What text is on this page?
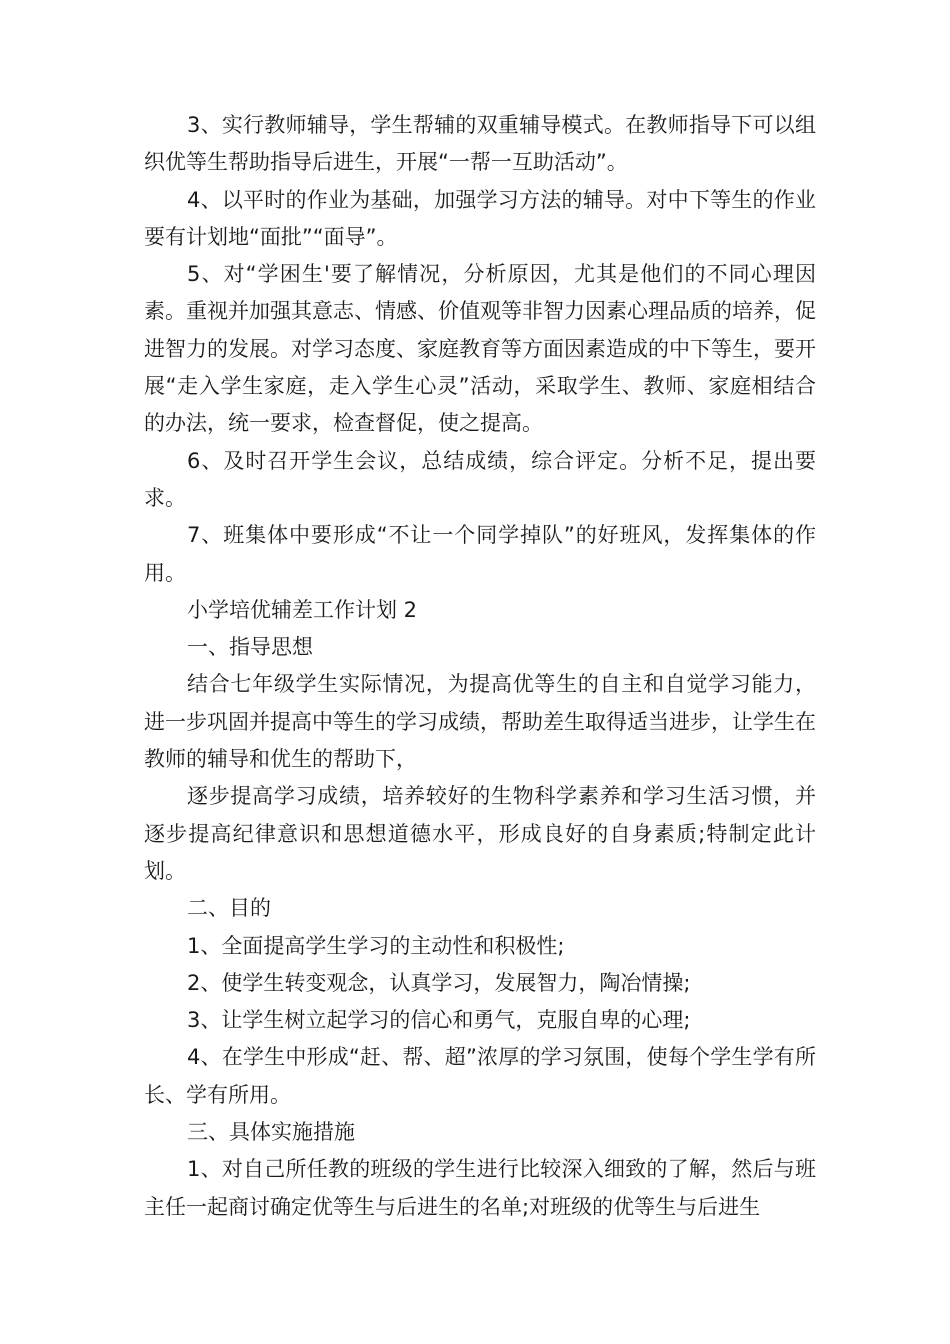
3、实行教师辅导，学生帮辅的双重辅导模式。在教师指导下可以组织优等生帮助指导后进生，开展“一帮一互助活动”。

4、以平时的作业为基础，加强学习方法的辅导。对中下等生的作业要有计划地“面批”“面导”。

5、对“学困生'要了解情况，分析原因，尤其是他们的不同心理因素。重视并加强其意志、情感、价值观等非智力因素心理品质的培养，促进智力的发展。对学习态度、家庭教育等方面因素造成的中下等生，要开展“走入学生家庭，走入学生心灵”活动，采取学生、教师、家庭相结合的办法，统一要求，检查督促，使之提高。

6、及时召开学生会议，总结成绩，综合评定。分析不足，提出要求。

7、班集体中要形成“不让一个同学掉队”的好班风，发挥集体的作用。

小学培优辅差工作计划 2

一、指导思想

结合七年级学生实际情况，为提高优等生的自主和自觉学习能力，进一步巩固并提高中等生的学习成绩，帮助差生取得适当进步，让学生在教师的辅导和优生的帮助下，

逐步提高学习成绩，培养较好的生物科学素养和学习生活习惯，并逐步提高纪律意识和思想道德水平，形成良好的自身素质;特制定此计划。

二、目的

1、全面提高学生学习的主动性和积极性;

2、使学生转变观念，认真学习，发展智力，陶冶情操;

3、让学生树立起学习的信心和勇气，克服自卑的心理;

4、在学生中形成“赶、帮、超”浓厚的学习氛围，使每个学生学有所长、学有所用。

三、具体实施措施

1、对自己所任教的班级的学生进行比较深入细致的了解，然后与班主任一起商讨确定优等生与后进生的名单;对班级的优等生与后进生
